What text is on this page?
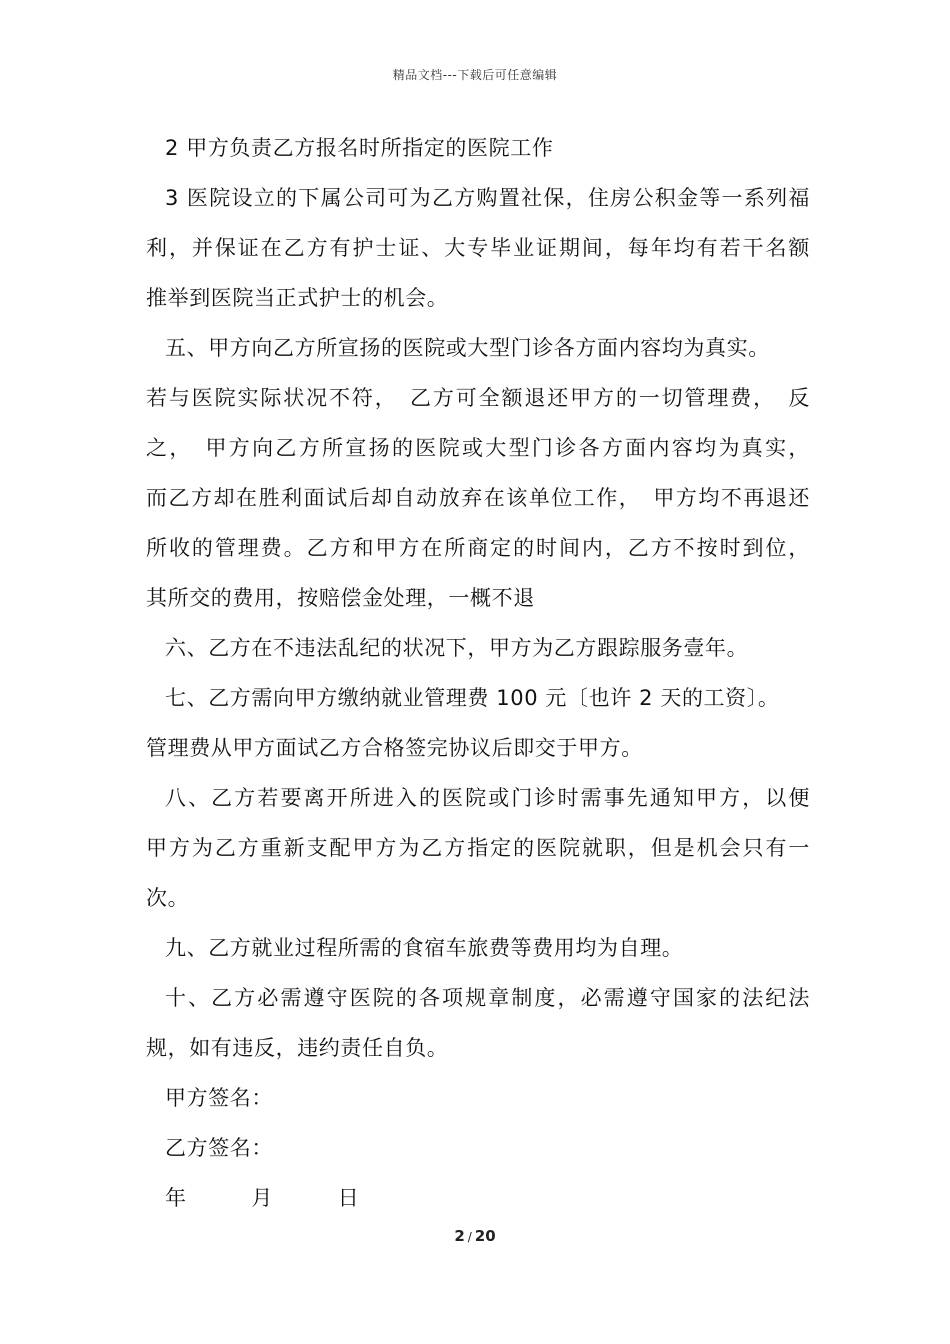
精品文档---下载后可任意编辑
2 甲方负责乙方报名时所指定的医院工作
3 医院设立的下属公司可为乙方购置社保，住房公积金等一系列福
利，并保证在乙方有护士证、大专毕业证期间，每年均有若干名额
推举到医院当正式护士的机会。
五、甲方向乙方所宣扬的医院或大型门诊各方面内容均为真实。
若与医院实际状况不符，　乙方可全额退还甲方的一切管理费，　反
之，　甲方向乙方所宣扬的医院或大型门诊各方面内容均为真实，
而乙方却在胜利面试后却自动放弃在该单位工作，　甲方均不再退还
所收的管理费。乙方和甲方在所商定的时间内，乙方不按时到位，
其所交的费用，按赔偿金处理，一概不退
六、乙方在不违法乱纪的状况下，甲方为乙方跟踪服务壹年。
七、乙方需向甲方缴纳就业管理费 100 元〔也许 2 天的工资〕。
管理费从甲方面试乙方合格签完协议后即交于甲方。
八、乙方若要离开所进入的医院或门诊时需事先通知甲方，以便
甲方为乙方重新支配甲方为乙方指定的医院就职，但是机会只有一
次。
九、乙方就业过程所需的食宿车旅费等费用均为自理。
十、乙方必需遵守医院的各项规章制度，必需遵守国家的法纪法
规，如有违反，违约责任自负。
甲方签名：
乙方签名：
年　　　月　　　日
2 / 20
